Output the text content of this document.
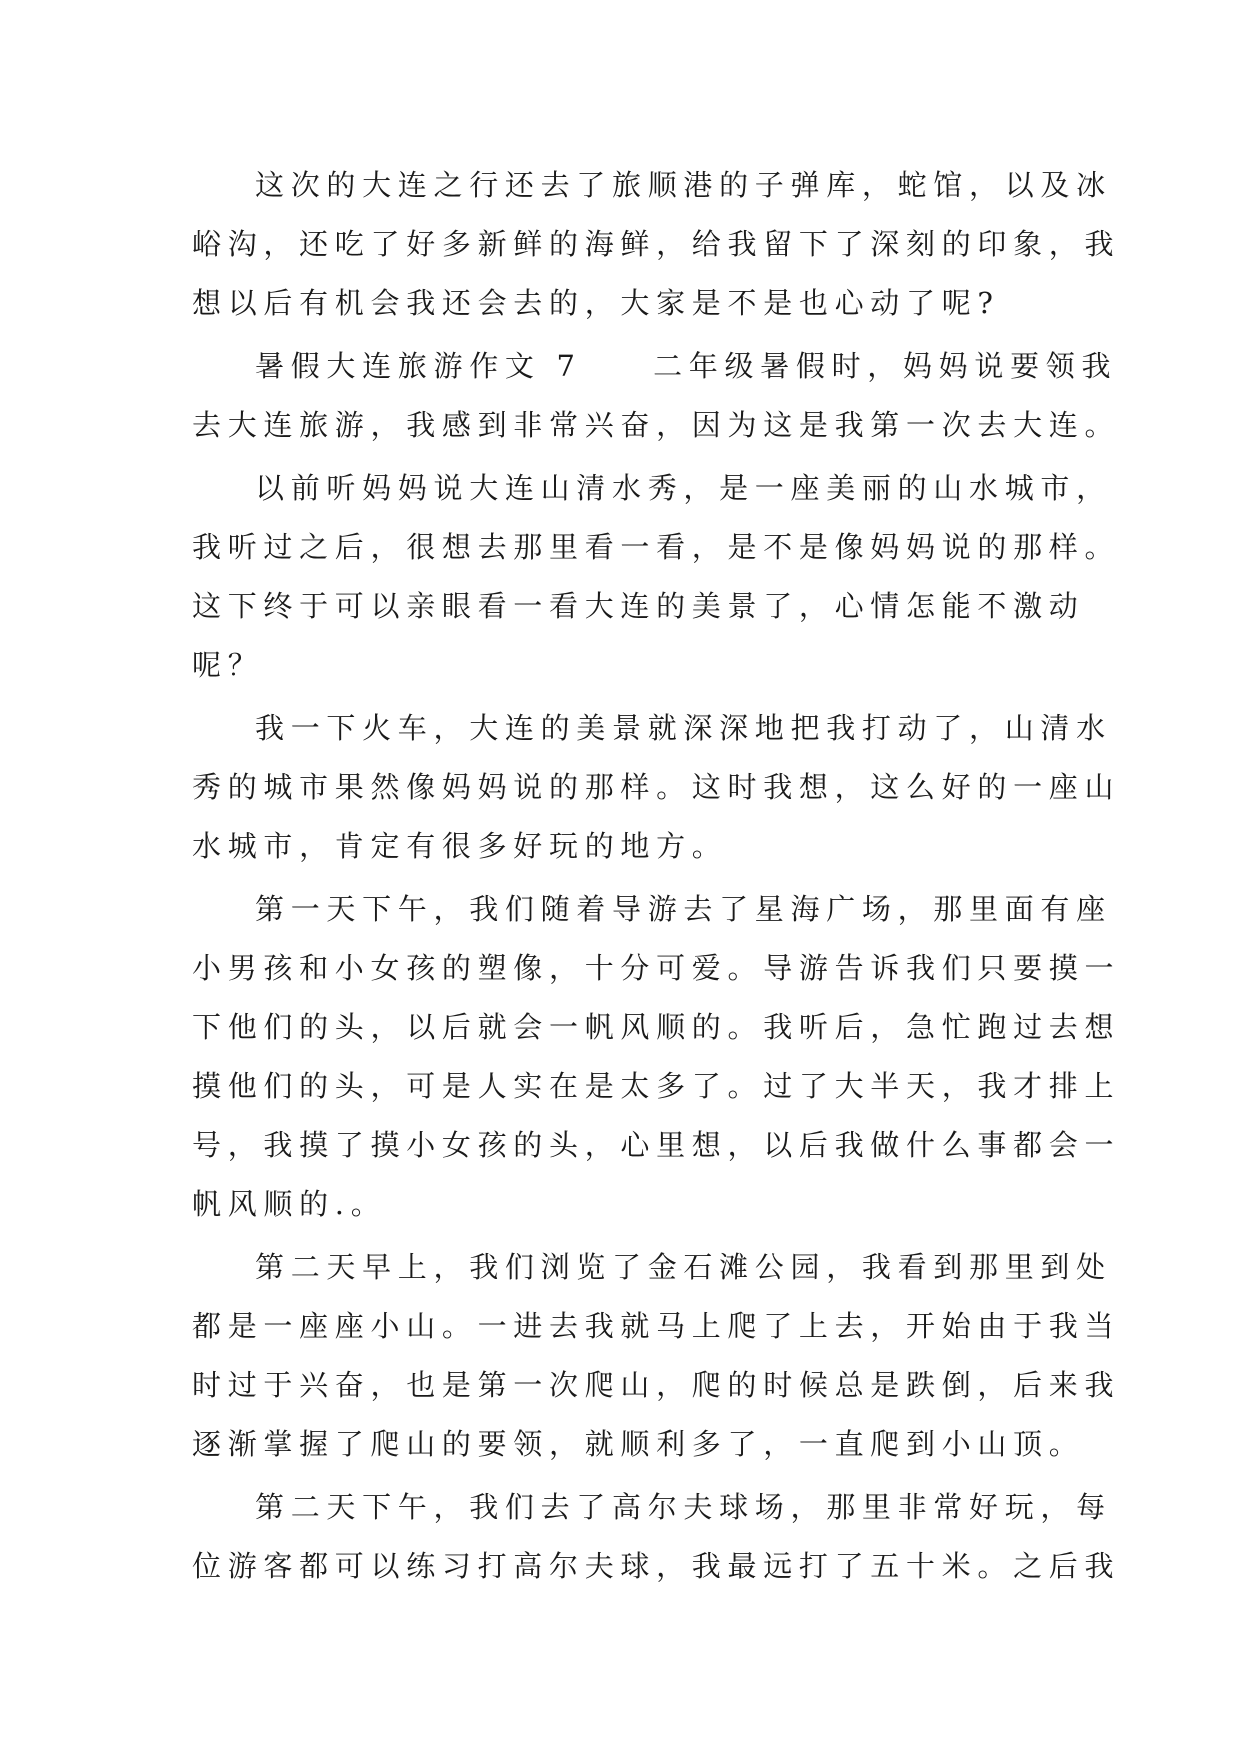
这次的大连之行还去了旅顺港的子弹库，蛇馆，以及冰
峪沟，还吃了好多新鲜的海鲜，给我留下了深刻的印象，我
想以后有机会我还会去的，大家是不是也心动了呢?
暑假大连旅游作文 7　　二年级暑假时，妈妈说要领我
去大连旅游，我感到非常兴奋，因为这是我第一次去大连。
以前听妈妈说大连山清水秀，是一座美丽的山水城市，
我听过之后，很想去那里看一看，是不是像妈妈说的那样。
这下终于可以亲眼看一看大连的美景了，心情怎能不激动
呢？
我一下火车，大连的美景就深深地把我打动了，山清水
秀的城市果然像妈妈说的那样。这时我想，这么好的一座山
水城市，肯定有很多好玩的地方。
第一天下午，我们随着导游去了星海广场，那里面有座
小男孩和小女孩的塑像，十分可爱。导游告诉我们只要摸一
下他们的头，以后就会一帆风顺的。我听后，急忙跑过去想
摸他们的头，可是人实在是太多了。过了大半天，我才排上
号，我摸了摸小女孩的头，心里想，以后我做什么事都会一
帆风顺的.。
第二天早上，我们浏览了金石滩公园，我看到那里到处
都是一座座小山。一进去我就马上爬了上去，开始由于我当
时过于兴奋，也是第一次爬山，爬的时候总是跌倒，后来我
逐渐掌握了爬山的要领，就顺利多了，一直爬到小山顶。
第二天下午，我们去了高尔夫球场，那里非常好玩，每
位游客都可以练习打高尔夫球，我最远打了五十米。之后我
